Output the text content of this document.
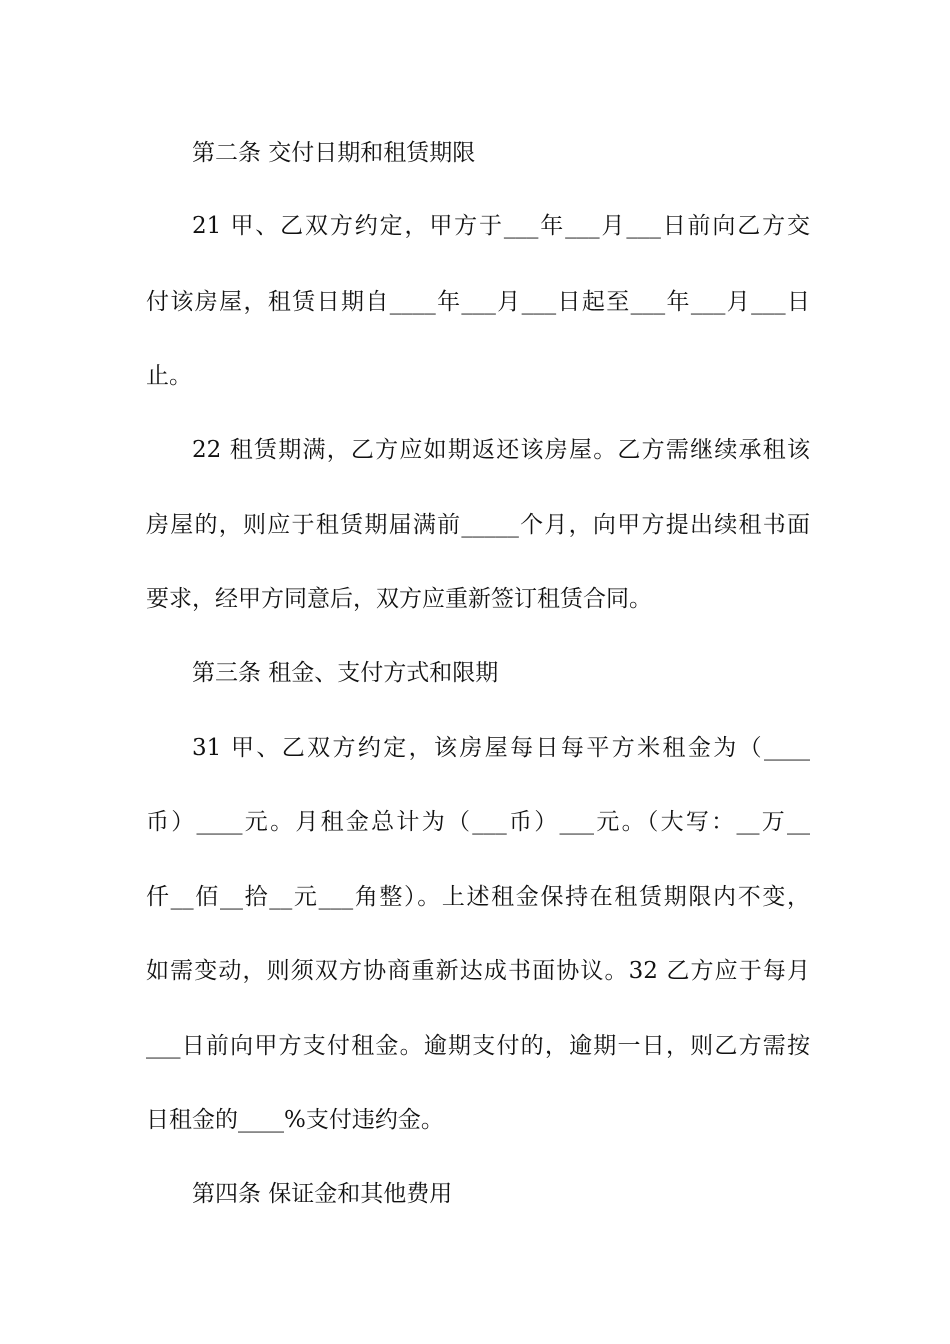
第二条 交付日期和租赁期限
21 甲、乙双方约定，甲方于___年___月___日前向乙方交
付该房屋，租赁日期自____年___月___日起至___年___月___日
止。
22 租赁期满，乙方应如期返还该房屋。乙方需继续承租该
房屋的，则应于租赁期届满前_____个月，向甲方提出续租书面
要求，经甲方同意后，双方应重新签订租赁合同。
第三条 租金、支付方式和限期
31 甲、乙双方约定，该房屋每日每平方米租金为（____
币）____元。月租金总计为（___币）___元。（大写：__万__
仟__佰__拾__元___角整）。上述租金保持在租赁期限内不变，
如需变动，则须双方协商重新达成书面协议。32 乙方应于每月
___日前向甲方支付租金。逾期支付的，逾期一日，则乙方需按
日租金的____%支付违约金。
第四条 保证金和其他费用
